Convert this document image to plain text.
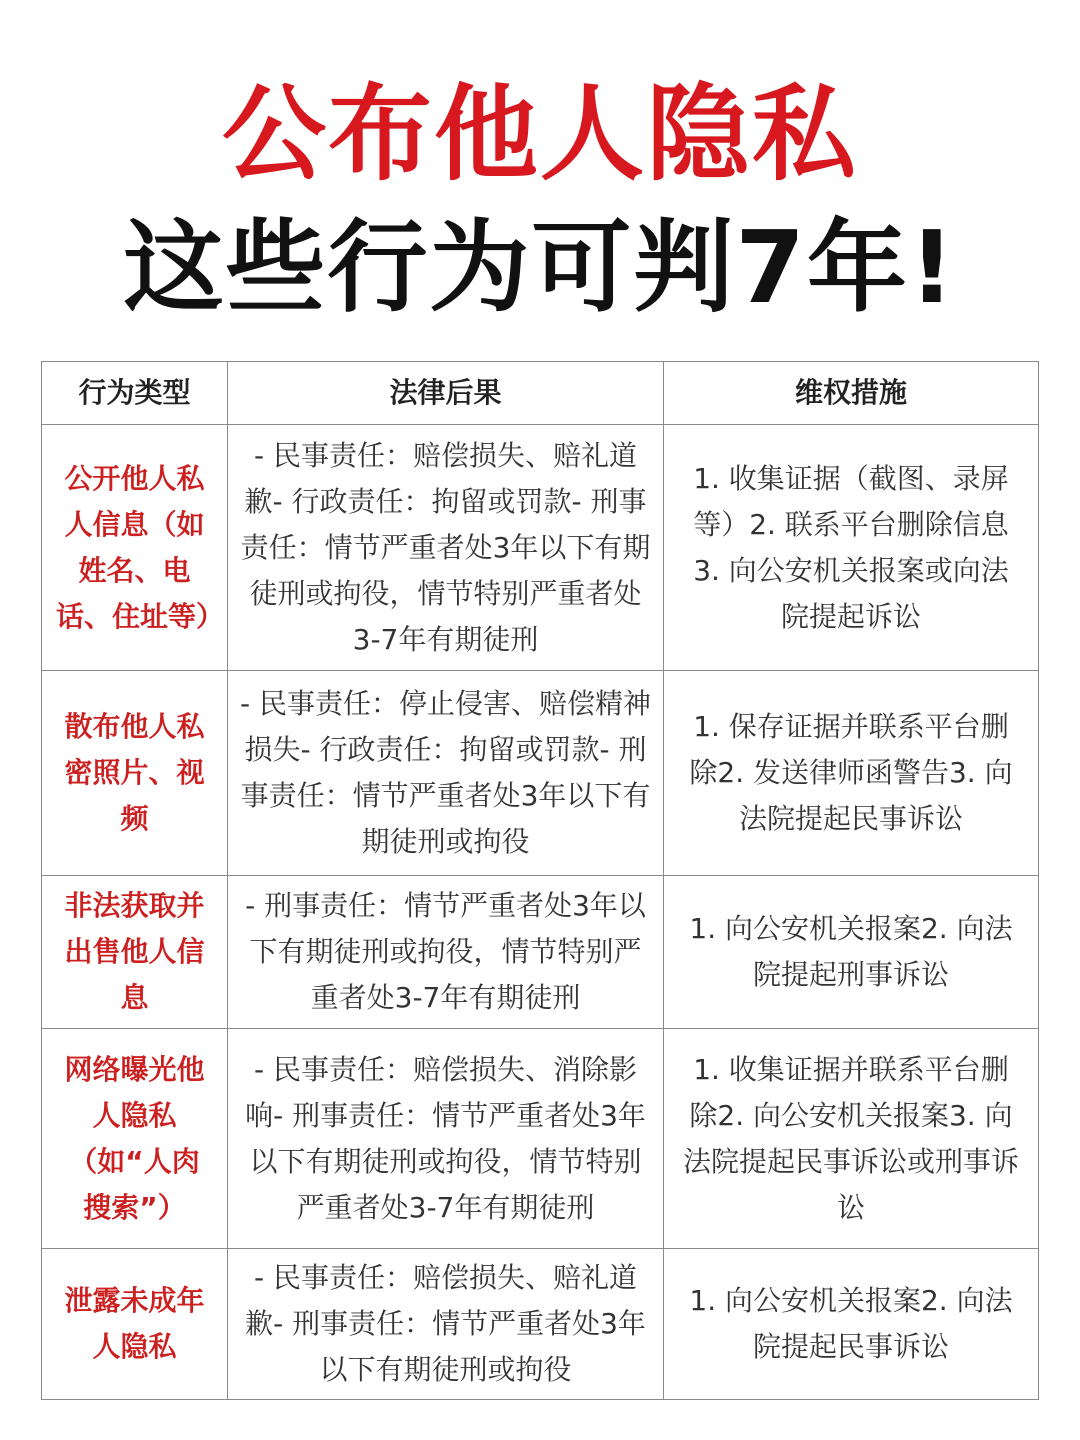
公布他人隐私
这些行为可判7年!
行为类型	法律后果	维权措施
公开他人私人信息（如姓名、电话、住址等）	- 民事责任：赔偿损失、赔礼道歉- 行政责任：拘留或罚款- 刑事责任：情节严重者处3年以下有期徒刑或拘役，情节特别严重者处3-7年有期徒刑	1. 收集证据（截图、录屏等）2. 联系平台删除信息3. 向公安机关报案或向法院提起诉讼
散布他人私密照片、视频	- 民事责任：停止侵害、赔偿精神损失- 行政责任：拘留或罚款- 刑事责任：情节严重者处3年以下有期徒刑或拘役	1. 保存证据并联系平台删除2. 发送律师函警告3. 向法院提起民事诉讼
非法获取并出售他人信息	- 刑事责任：情节严重者处3年以下有期徒刑或拘役，情节特别严重者处3-7年有期徒刑	1. 向公安机关报案2. 向法院提起刑事诉讼
网络曝光他人隐私（如“人肉搜索”）	- 民事责任：赔偿损失、消除影响- 刑事责任：情节严重者处3年以下有期徒刑或拘役，情节特别严重者处3-7年有期徒刑	1. 收集证据并联系平台删除2. 向公安机关报案3. 向法院提起民事诉讼或刑事诉讼
泄露未成年人隐私	- 民事责任：赔偿损失、赔礼道歉- 刑事责任：情节严重者处3年以下有期徒刑或拘役	1. 向公安机关报案2. 向法院提起民事诉讼
